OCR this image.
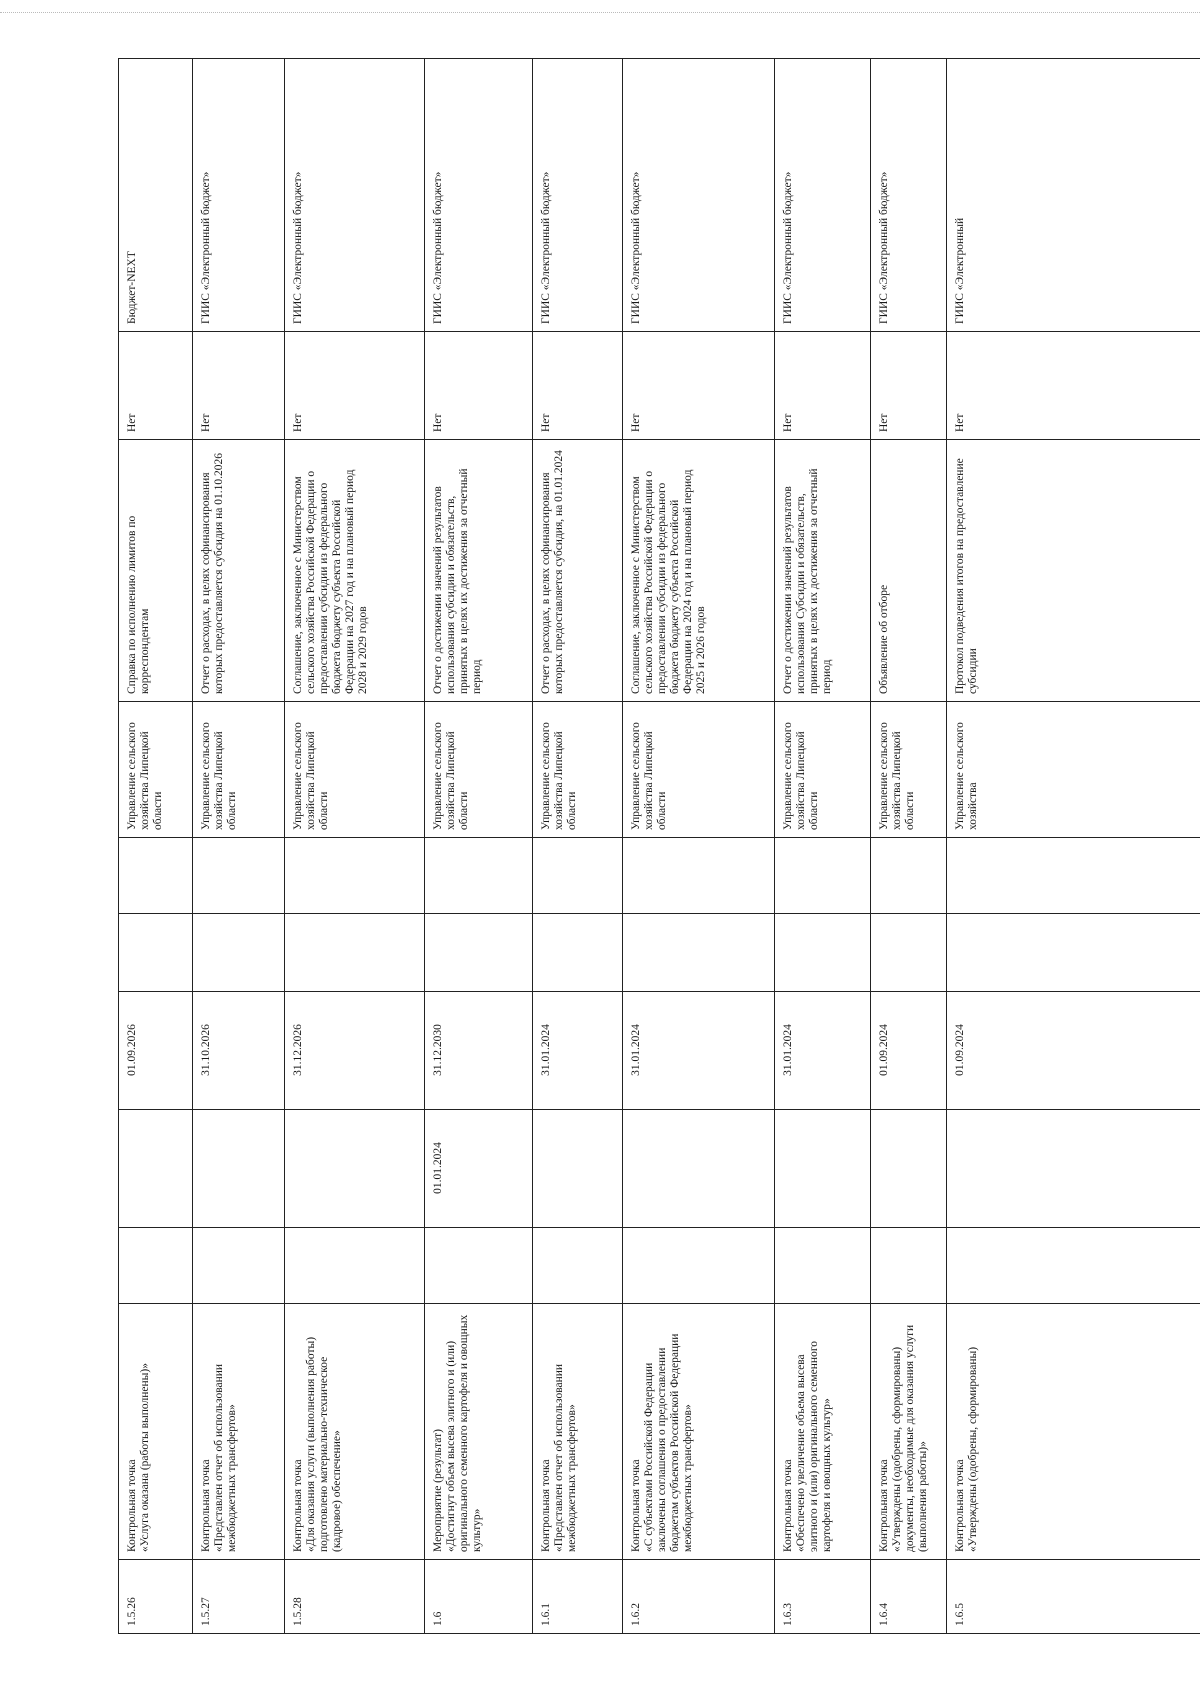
1.5.26	Контрольная точка
«Услуга оказана (работы выполнены)»			01.09.2026			Управление сельского хозяйства Липецкой области	Справка по исполнению лимитов по корреспондентам	Нет	Бюджет-NEXT
1.5.27	Контрольная точка
«Представлен отчет об использовании межбюджетных трансфертов»			31.10.2026			Управление сельского хозяйства Липецкой области	Отчет о расходах, в целях софинансирования которых предоставляется субсидия на 01.10.2026	Нет	ГИИС «Электронный бюджет»
1.5.28	Контрольная точка
«Для оказания услуги (выполнения работы) подготовлено материально-техническое (кадровое) обеспечение»			31.12.2026			Управление сельского хозяйства Липецкой области	Соглашение, заключенное с Министерством сельского хозяйства Российской Федерации о предоставлении субсидии из федерального бюджета бюджету субъекта Российской Федерации на 2027 год и на плановый период 2028 и 2029 годов	Нет	ГИИС «Электронный бюджет»
1.6	Мероприятие (результат)
«Достигнут объем высева элитного и (или) оригинального семенного картофеля и овощных культур»		01.01.2024	31.12.2030			Управление сельского хозяйства Липецкой области	Отчет о достижении значений результатов использования субсидии и обязательств, принятых в целях их достижения за отчетный период	Нет	ГИИС «Электронный бюджет»
1.6.1	Контрольная точка
«Представлен отчет об использовании межбюджетных трансфертов»			31.01.2024			Управление сельского хозяйства Липецкой области	Отчет о расходах, в целях софинансирования которых предоставляется субсидия, на 01.01.2024	Нет	ГИИС «Электронный бюджет»
1.6.2	Контрольная точка
«С субъектами Российской Федерации заключены соглашения о предоставлении бюджетам субъектов Российской Федерации межбюджетных трансфертов»			31.01.2024			Управление сельского хозяйства Липецкой области	Соглашение, заключенное с Министерством сельского хозяйства Российской Федерации о предоставлении субсидии из федерального бюджета бюджету субъекта Российской Федерации на 2024 год и на плановый период 2025 и 2026 годов	Нет	ГИИС «Электронный бюджет»
1.6.3	Контрольная точка
«Обеспечено увеличение объема высева элитного и (или) оригинального семенного картофеля и овощных культур»			31.01.2024			Управление сельского хозяйства Липецкой области	Отчет о достижении значений результатов использования Субсидии и обязательств, принятых в целях их достижения за отчетный период	Нет	ГИИС «Электронный бюджет»
1.6.4	Контрольная точка
«Утверждены (одобрены, сформированы) документы, необходимые для оказания услуги (выполнения работы)»			01.09.2024			Управление сельского хозяйства Липецкой области	Объявление об отборе	Нет	ГИИС «Электронный бюджет»
1.6.5	Контрольная точка
«Утверждены (одобрены, сформированы)			01.09.2024			Управление сельского хозяйства	Протокол подведения итогов на предоставление субсидии	Нет	ГИИС «Электронный
